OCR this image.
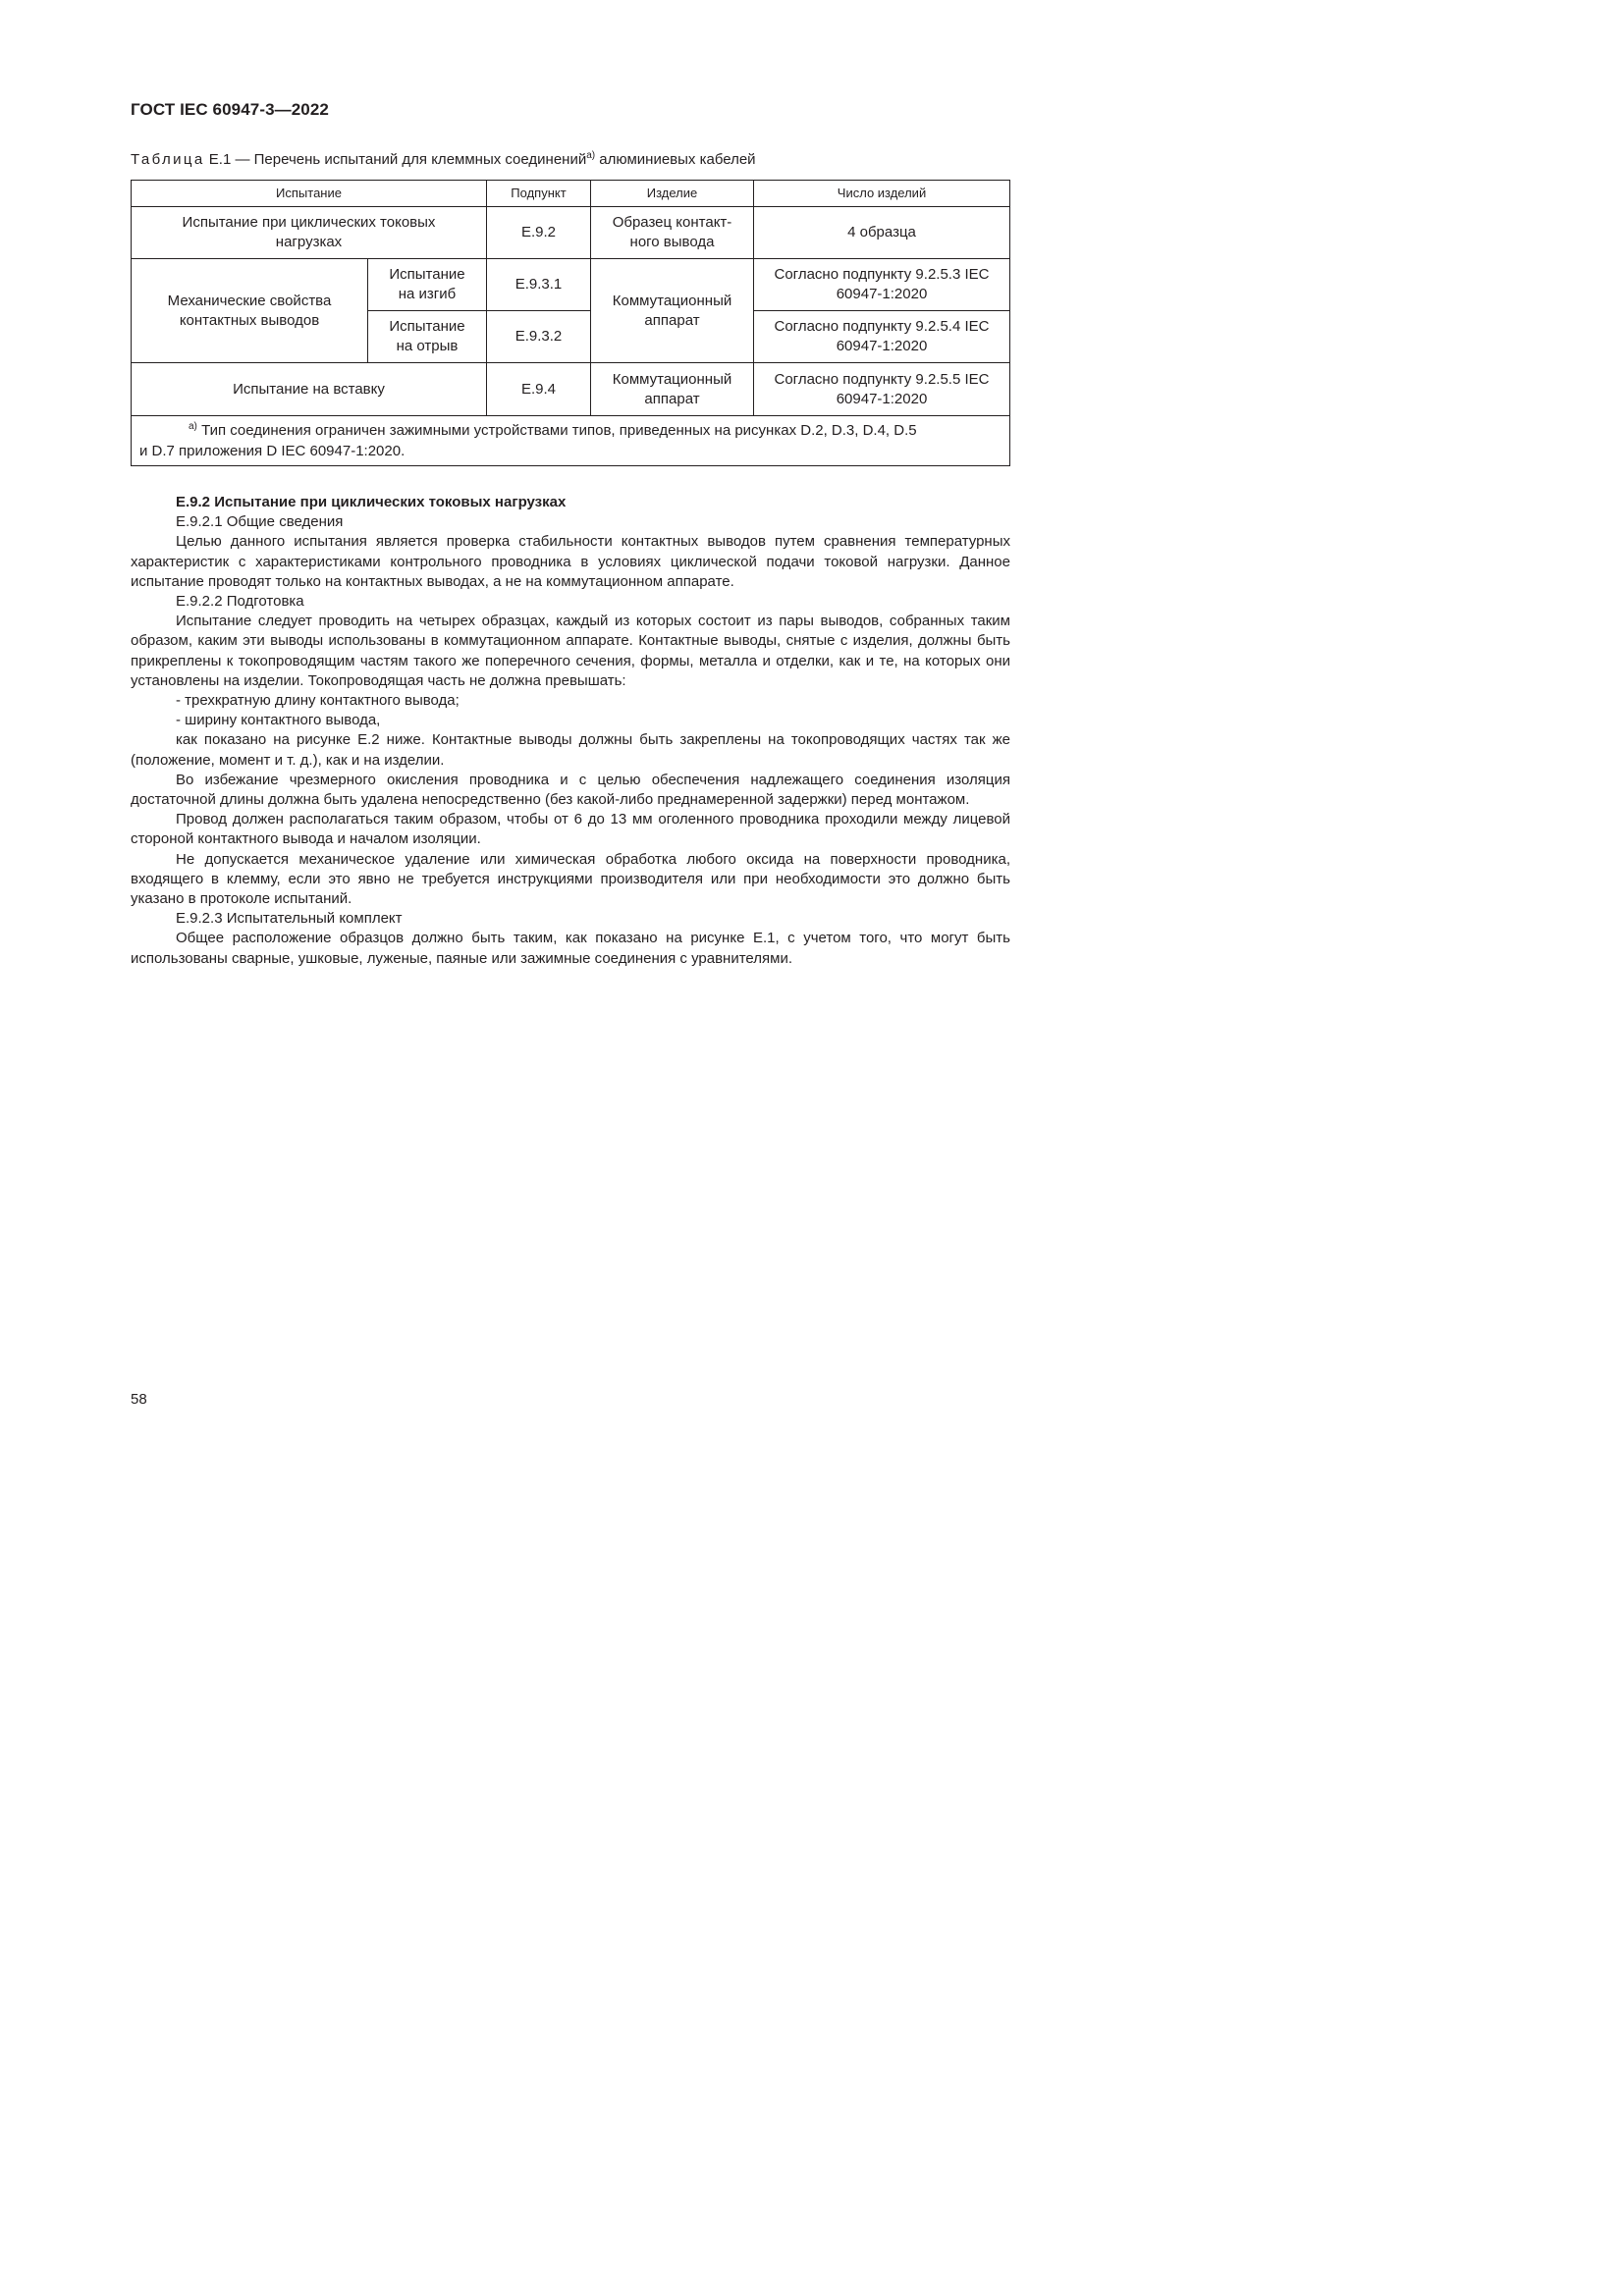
ГОСТ IEC 60947-3—2022
Таблица Е.1 — Перечень испытаний для клеммных соединений$^{а)}$ алюминиевых кабелей
Испытание		Подпункт	Изделие	Число изделий
Испытание при циклических токовых нагрузках		Е.9.2	Образец контакт-ного вывода	4 образца
Механические свойства контактных выводов	Испытание на изгиб	Е.9.3.1	Коммутационный аппарат	Согласно подпункту 9.2.5.3 IEC 60947-1:2020
	Испытание на отрыв	Е.9.3.2		Согласно подпункту 9.2.5.4 IEC 60947-1:2020
Испытание на вставку		Е.9.4	Коммутационный аппарат	Согласно подпункту 9.2.5.5 IEC 60947-1:2020

$^{а)}$ Тип соединения ограничен зажимными устройствами типов, приведенных на рисунках D.2, D.3, D.4, D.5
и D.7 приложения D IEC 60947-1:2020.				

Е.9.2 Испытание при циклических токовых нагрузках

Е.9.2.1 Общие сведения

Целью данного испытания является проверка стабильности контактных выводов путем сравнения температурных характеристик с характеристиками контрольного проводника в условиях циклической подачи токовой нагрузки. Данное испытание проводят только на контактных выводах, а не на коммутационном аппарате.

Е.9.2.2 Подготовка

Испытание следует проводить на четырех образцах, каждый из которых состоит из пары выводов, собранных таким образом, каким эти выводы использованы в коммутационном аппарате. Контактные выводы, снятые с изделия, должны быть прикреплены к токопроводящим частям такого же поперечного сечения, формы, металла и отделки, как и те, на которых они установлены на изделии. Токопроводящая часть не должна превышать:

- трехкратную длину контактного вывода;

- ширину контактного вывода,

как показано на рисунке Е.2 ниже. Контактные выводы должны быть закреплены на токопроводящих частях так же (положение, момент и т. д.), как и на изделии.

Во избежание чрезмерного окисления проводника и с целью обеспечения надлежащего соединения изоляция достаточной длины должна быть удалена непосредственно (без какой-либо преднамеренной задержки) перед монтажом.

Провод должен располагаться таким образом, чтобы от 6 до 13 мм оголенного проводника проходили между лицевой стороной контактного вывода и началом изоляции.

Не допускается механическое удаление или химическая обработка любого оксида на поверхности проводника, входящего в клемму, если это явно не требуется инструкциями производителя или при необходимости это должно быть указано в протоколе испытаний.

Е.9.2.3 Испытательный комплект

Общее расположение образцов должно быть таким, как показано на рисунке Е.1, с учетом того, что могут быть использованы сварные, ушковые, луженые, паяные или зажимные соединения с уравнителями.

58
